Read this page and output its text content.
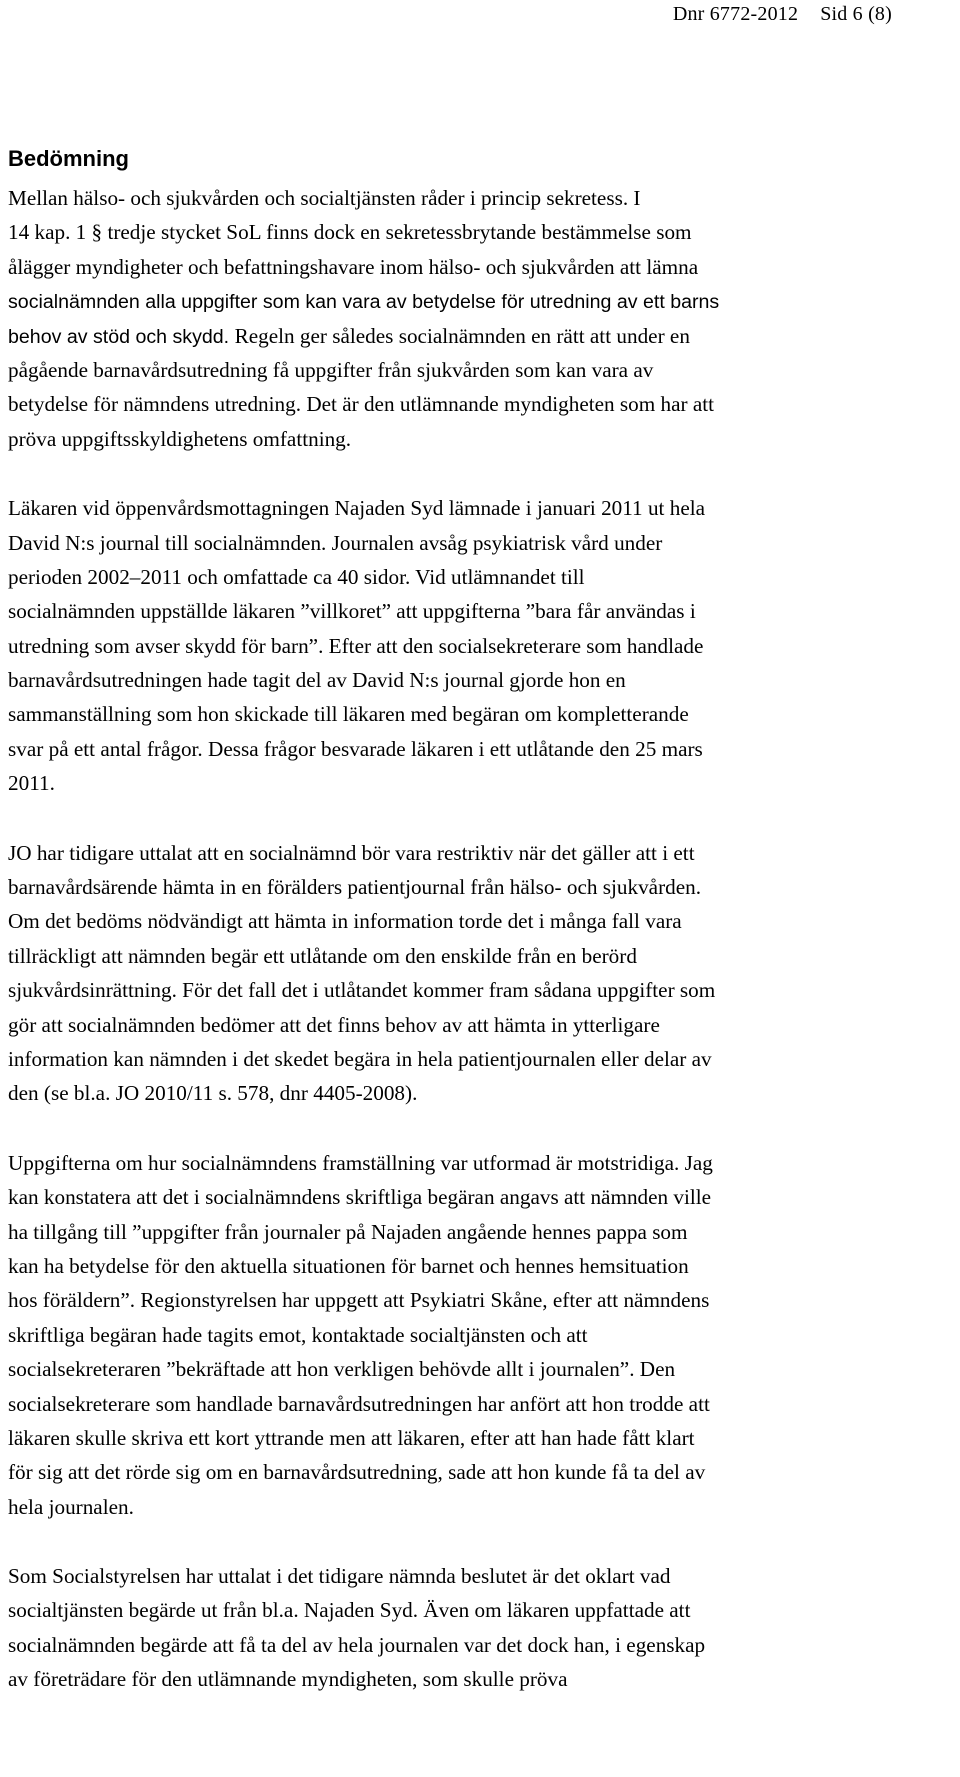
Dnr 6772-2012 Sid 6 (8)
Bedömning
Mellan hälso- och sjukvården och socialtjänsten råder i princip sekretess. I
14 kap. 1 § tredje stycket SoL finns dock en sekretessbrytande bestämmelse som
ålägger myndigheter och befattningshavare inom hälso- och sjukvården att lämna
socialnämnden alla uppgifter som kan vara av betydelse för utredning av ett barns
behov av stöd och skydd. Regeln ger således socialnämnden en rätt att under en
pågående barnavårdsutredning få uppgifter från sjukvården som kan vara av
betydelse för nämndens utredning. Det är den utlämnande myndigheten som har att
pröva uppgiftsskyldighetens omfattning.
Läkaren vid öppenvårdsmottagningen Najaden Syd lämnade i januari 2011 ut hela
David N:s journal till socialnämnden. Journalen avsåg psykiatrisk vård under
perioden 2002–2011 och omfattade ca 40 sidor. Vid utlämnandet till
socialnämnden uppställde läkaren ”villkoret” att uppgifterna ”bara får användas i
utredning som avser skydd för barn”. Efter att den socialsekreterare som handlade
barnavårdsutredningen hade tagit del av David N:s journal gjorde hon en
sammanställning som hon skickade till läkaren med begäran om kompletterande
svar på ett antal frågor. Dessa frågor besvarade läkaren i ett utlåtande den 25 mars
2011.
JO har tidigare uttalat att en socialnämnd bör vara restriktiv när det gäller att i ett
barnavårdsärende hämta in en förälders patientjournal från hälso- och sjukvården.
Om det bedöms nödvändigt att hämta in information torde det i många fall vara
tillräckligt att nämnden begär ett utlåtande om den enskilde från en berörd
sjukvårdsinrättning. För det fall det i utlåtandet kommer fram sådana uppgifter som
gör att socialnämnden bedömer att det finns behov av att hämta in ytterligare
information kan nämnden i det skedet begära in hela patientjournalen eller delar av
den (se bl.a. JO 2010/11 s. 578, dnr 4405-2008).
Uppgifterna om hur socialnämndens framställning var utformad är motstridiga. Jag
kan konstatera att det i socialnämndens skriftliga begäran angavs att nämnden ville
ha tillgång till ”uppgifter från journaler på Najaden angående hennes pappa som
kan ha betydelse för den aktuella situationen för barnet och hennes hemsituation
hos föräldern”. Regionstyrelsen har uppgett att Psykiatri Skåne, efter att nämndens
skriftliga begäran hade tagits emot, kontaktade socialtjänsten och att
socialsekreteraren ”bekräftade att hon verkligen behövde allt i journalen”. Den
socialsekreterare som handlade barnavårdsutredningen har anfört att hon trodde att
läkaren skulle skriva ett kort yttrande men att läkaren, efter att han hade fått klart
för sig att det rörde sig om en barnavårdsutredning, sade att hon kunde få ta del av
hela journalen.
Som Socialstyrelsen har uttalat i det tidigare nämnda beslutet är det oklart vad
socialtjänsten begärde ut från bl.a. Najaden Syd. Även om läkaren uppfattade att
socialnämnden begärde att få ta del av hela journalen var det dock han, i egenskap
av företrädare för den utlämnande myndigheten, som skulle pröva
